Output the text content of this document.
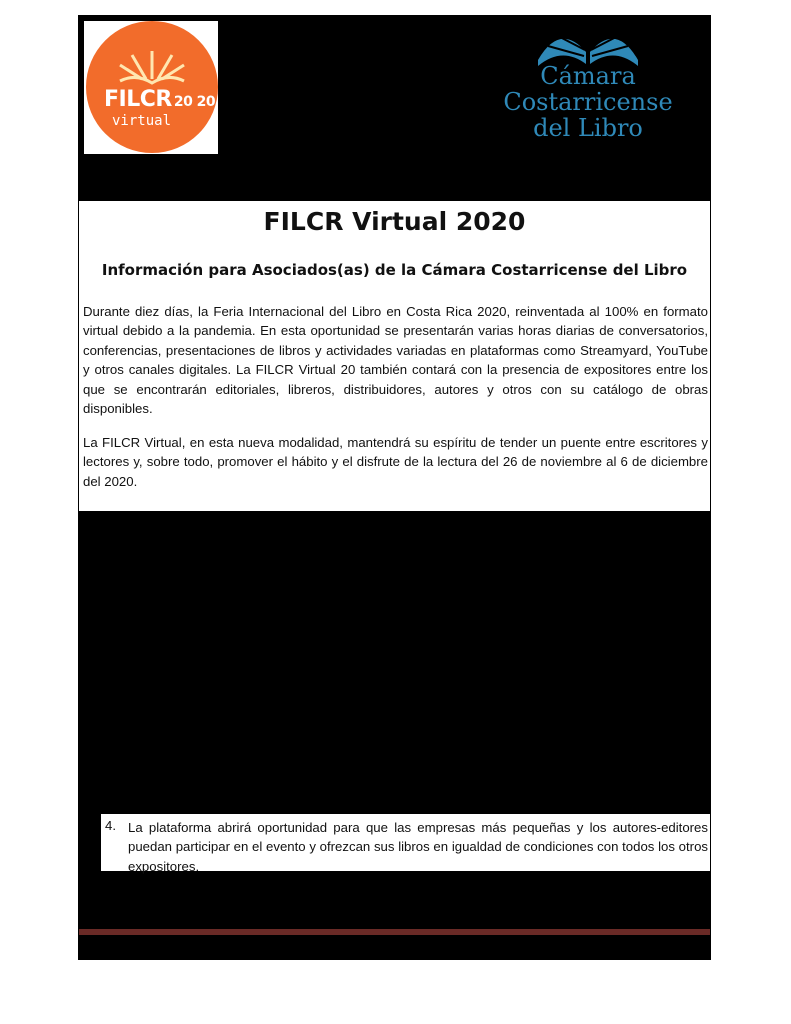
FILCR 20 20
virtual
Cámara
Costarricense
del Libro
FILCR Virtual 2020
Información para Asociados(as) de la Cámara Costarricense del Libro
Durante diez días, la Feria Internacional del Libro en Costa Rica 2020, reinventada al 100% en formato virtual debido a la pandemia. En esta oportunidad se presentarán varias horas diarias de conversatorios, conferencias, presentaciones de libros y actividades variadas en plataformas como Streamyard, YouTube y otros canales digitales. La FILCR Virtual 20 también contará con la presencia de expositores entre los que se encontrarán editoriales, libreros, distribuidores, autores y otros con su catálogo de obras disponibles.
La FILCR Virtual, en esta nueva modalidad, mantendrá su espíritu de tender un puente entre escritores y lectores y, sobre todo, promover el hábito y el disfrute de la lectura del 26 de noviembre al 6 de diciembre del 2020.
4. La plataforma abrirá oportunidad para que las empresas más pequeñas y los autores-editores puedan participar en el evento y ofrezcan sus libros en igualdad de condiciones con todos los otros expositores.
